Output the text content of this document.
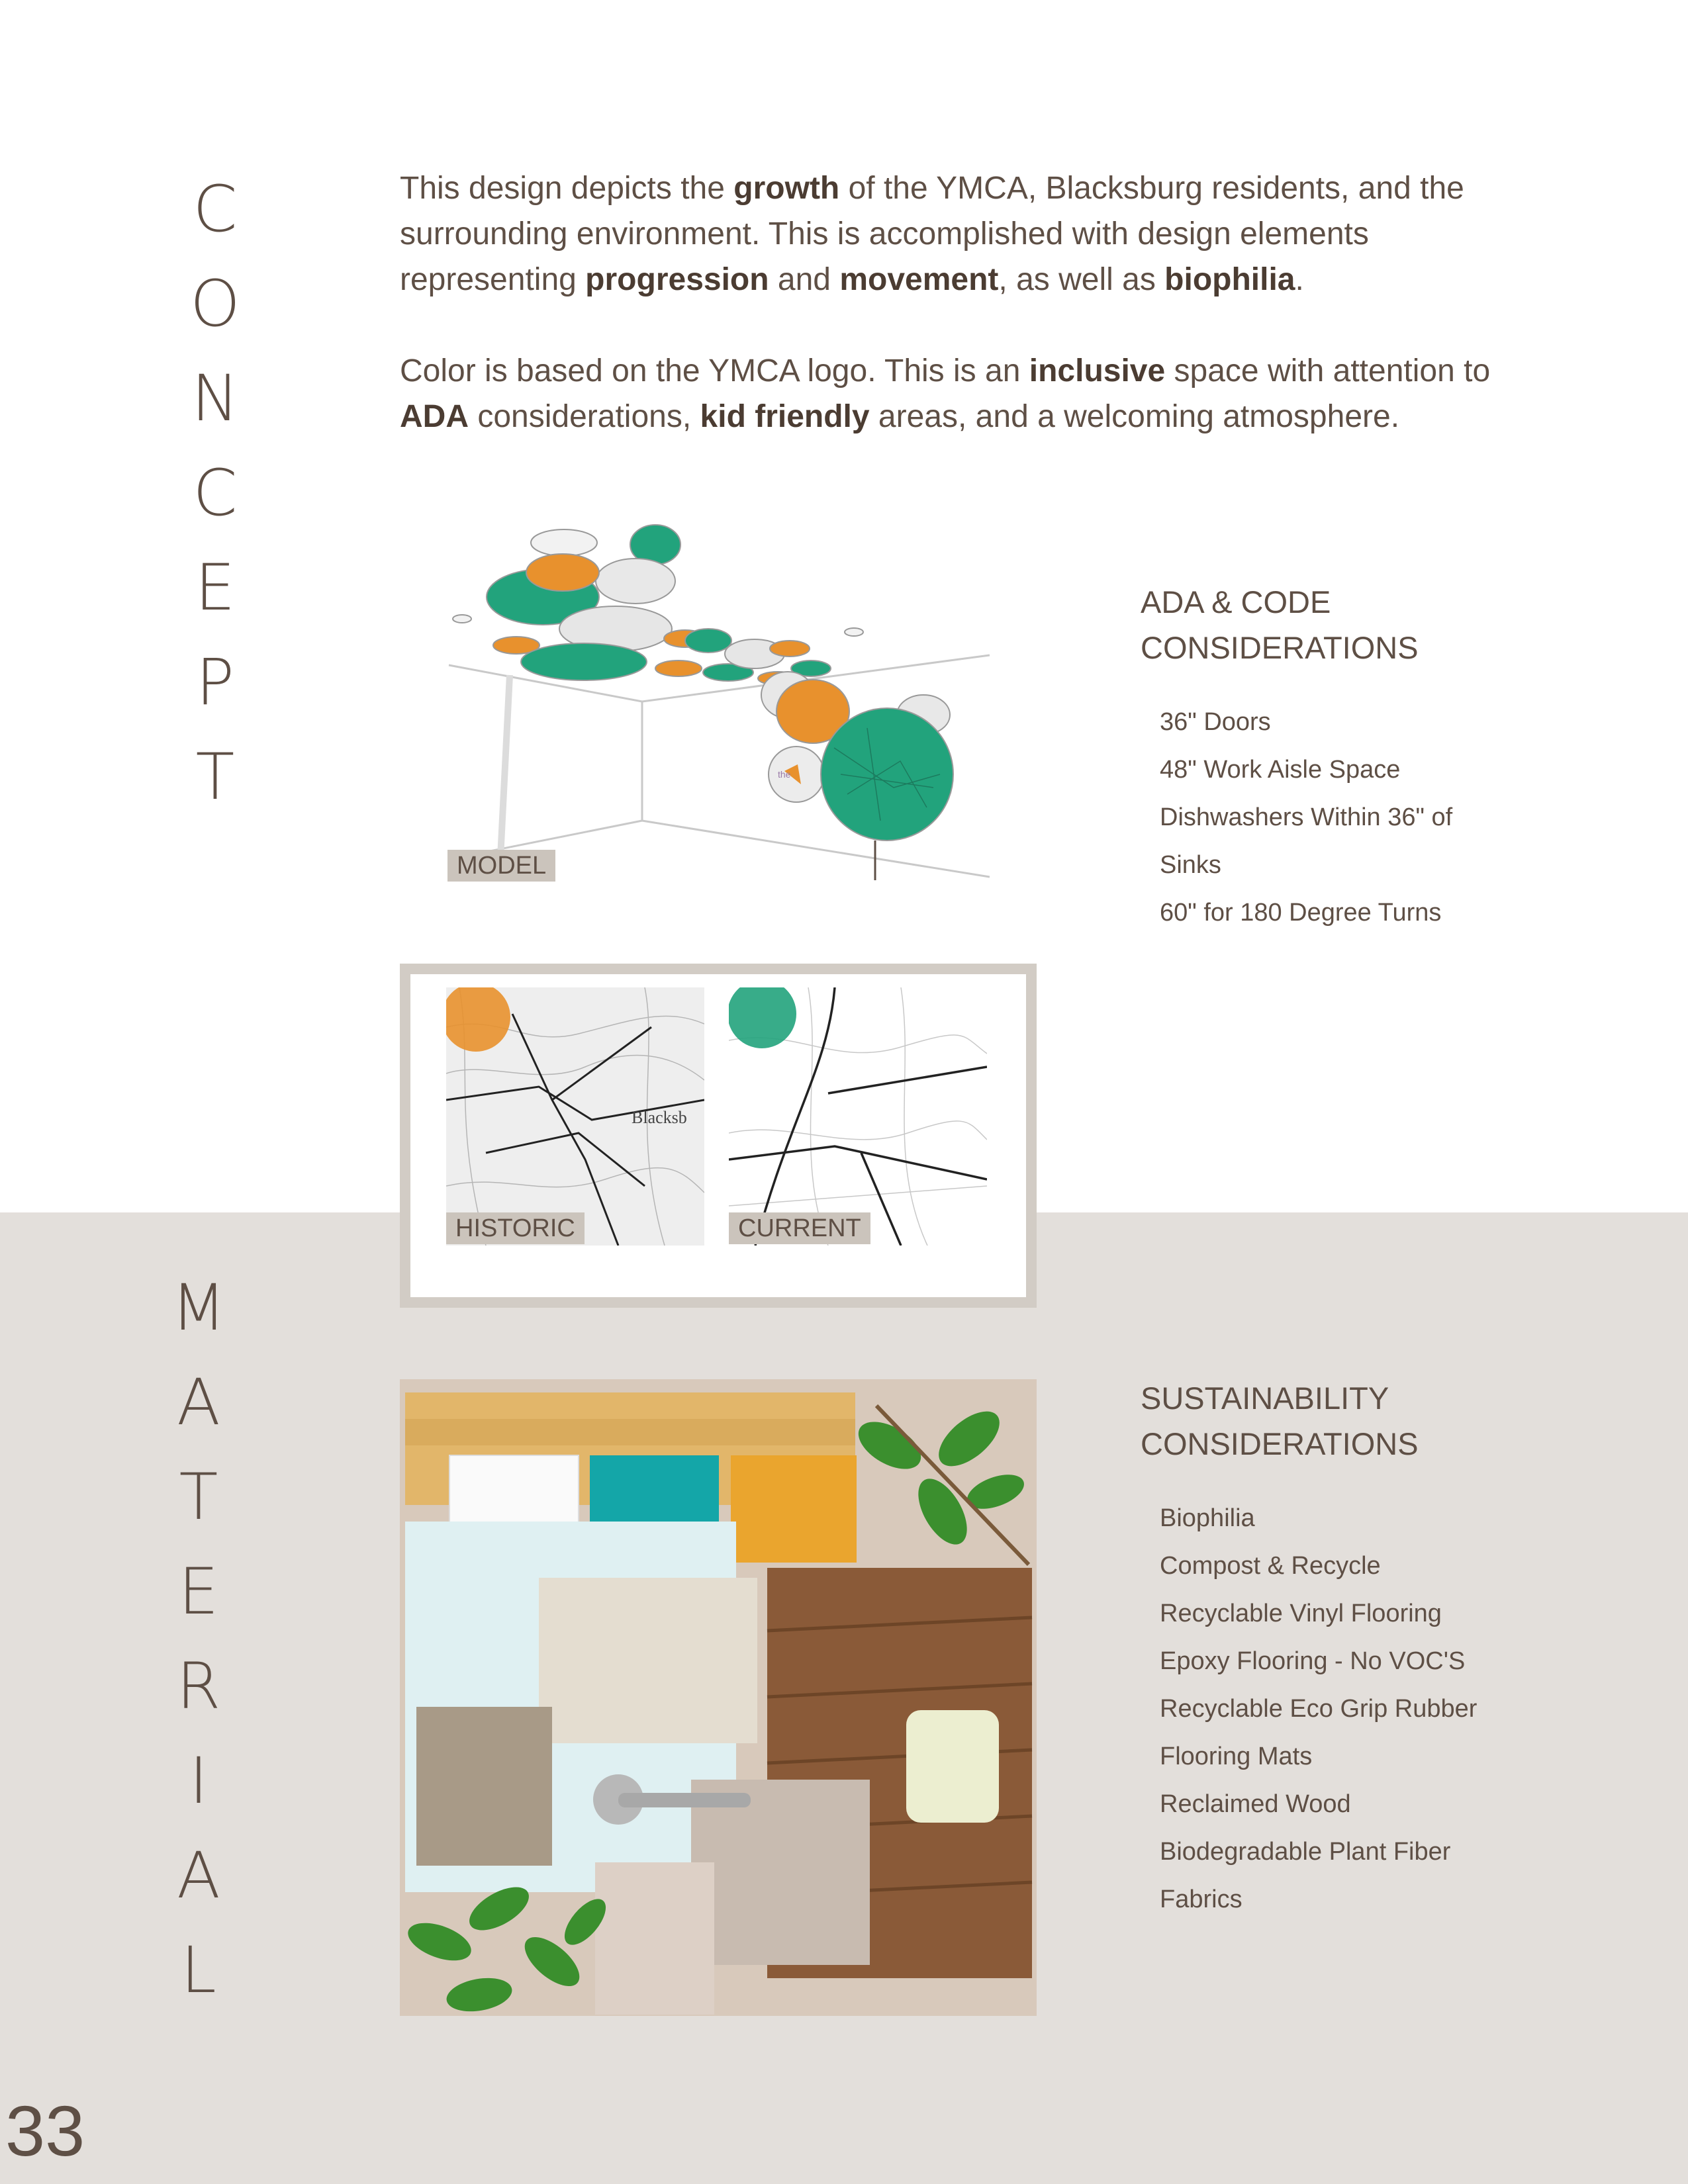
C
O
N
C
E
P
T
M
A
T
E
R
I
A
L

This design depicts the growth of the YMCA, Blacksburg residents, and the surrounding environment. This is accomplished with design elements representing progression and movement, as well as biophilia.

Color is based on the YMCA logo. This is an inclusive space with attention to ADA considerations, kid friendly areas, and a welcoming atmosphere.

the
MODEL
ADA & CODE
CONSIDERATIONS
36" Doors
48" Work Aisle Space
Dishwashers Within 36" of
Sinks
60" for 180 Degree Turns
Blacksb
HISTORIC	CURRENT
SUSTAINABILITY
CONSIDERATIONS
Biophilia
Compost & Recycle
Recyclable Vinyl Flooring
Epoxy Flooring - No VOC'S
Recyclable Eco Grip Rubber
Flooring Mats
Reclaimed Wood
Biodegradable Plant Fiber
Fabrics
33
